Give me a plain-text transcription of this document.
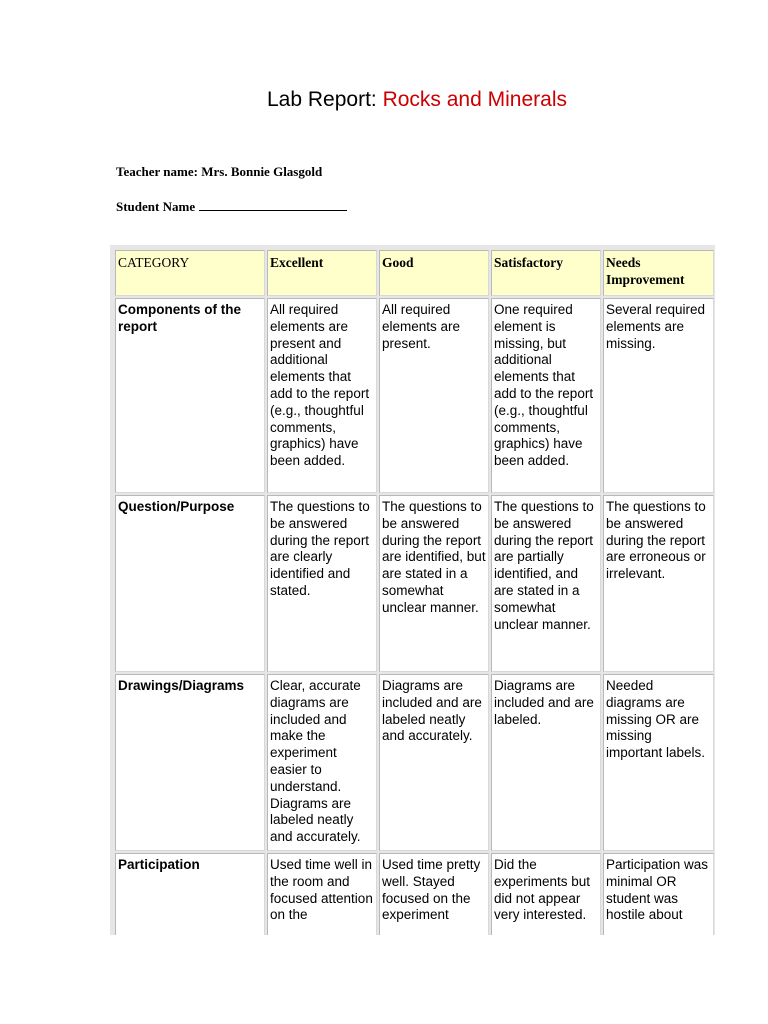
Lab Report: Rocks and Minerals
Teacher name: Mrs. Bonnie Glasgold
Student Name
CATEGORY	Excellent	Good	Satisfactory	Needs Improvement
Components of the report	All required elements are present and additional elements that add to the report (e.g., thoughtful comments, graphics) have been added.	All required elements are present.	One required element is missing, but additional elements that add to the report (e.g., thoughtful comments, graphics) have been added.	Several required elements are missing.
Question/Purpose	The questions to be answered during the report are clearly identified and stated.	The questions to be answered during the report are identified, but are stated in a somewhat unclear manner.	The questions to be answered during the report are partially identified, and are stated in a somewhat unclear manner.	The questions to be answered during the report are erroneous or irrelevant.
Drawings/Diagrams	Clear, accurate diagrams are included and make the experiment easier to understand. Diagrams are labeled neatly and accurately.	Diagrams are included and are labeled neatly and accurately.	Diagrams are included and are labeled.	Needed diagrams are missing OR are missing important labels.
Participation	Used time well in the room and focused attention on the	Used time pretty well. Stayed focused on the experiment	Did the experiments but did not appear very interested.	Participation was minimal OR student was hostile about
